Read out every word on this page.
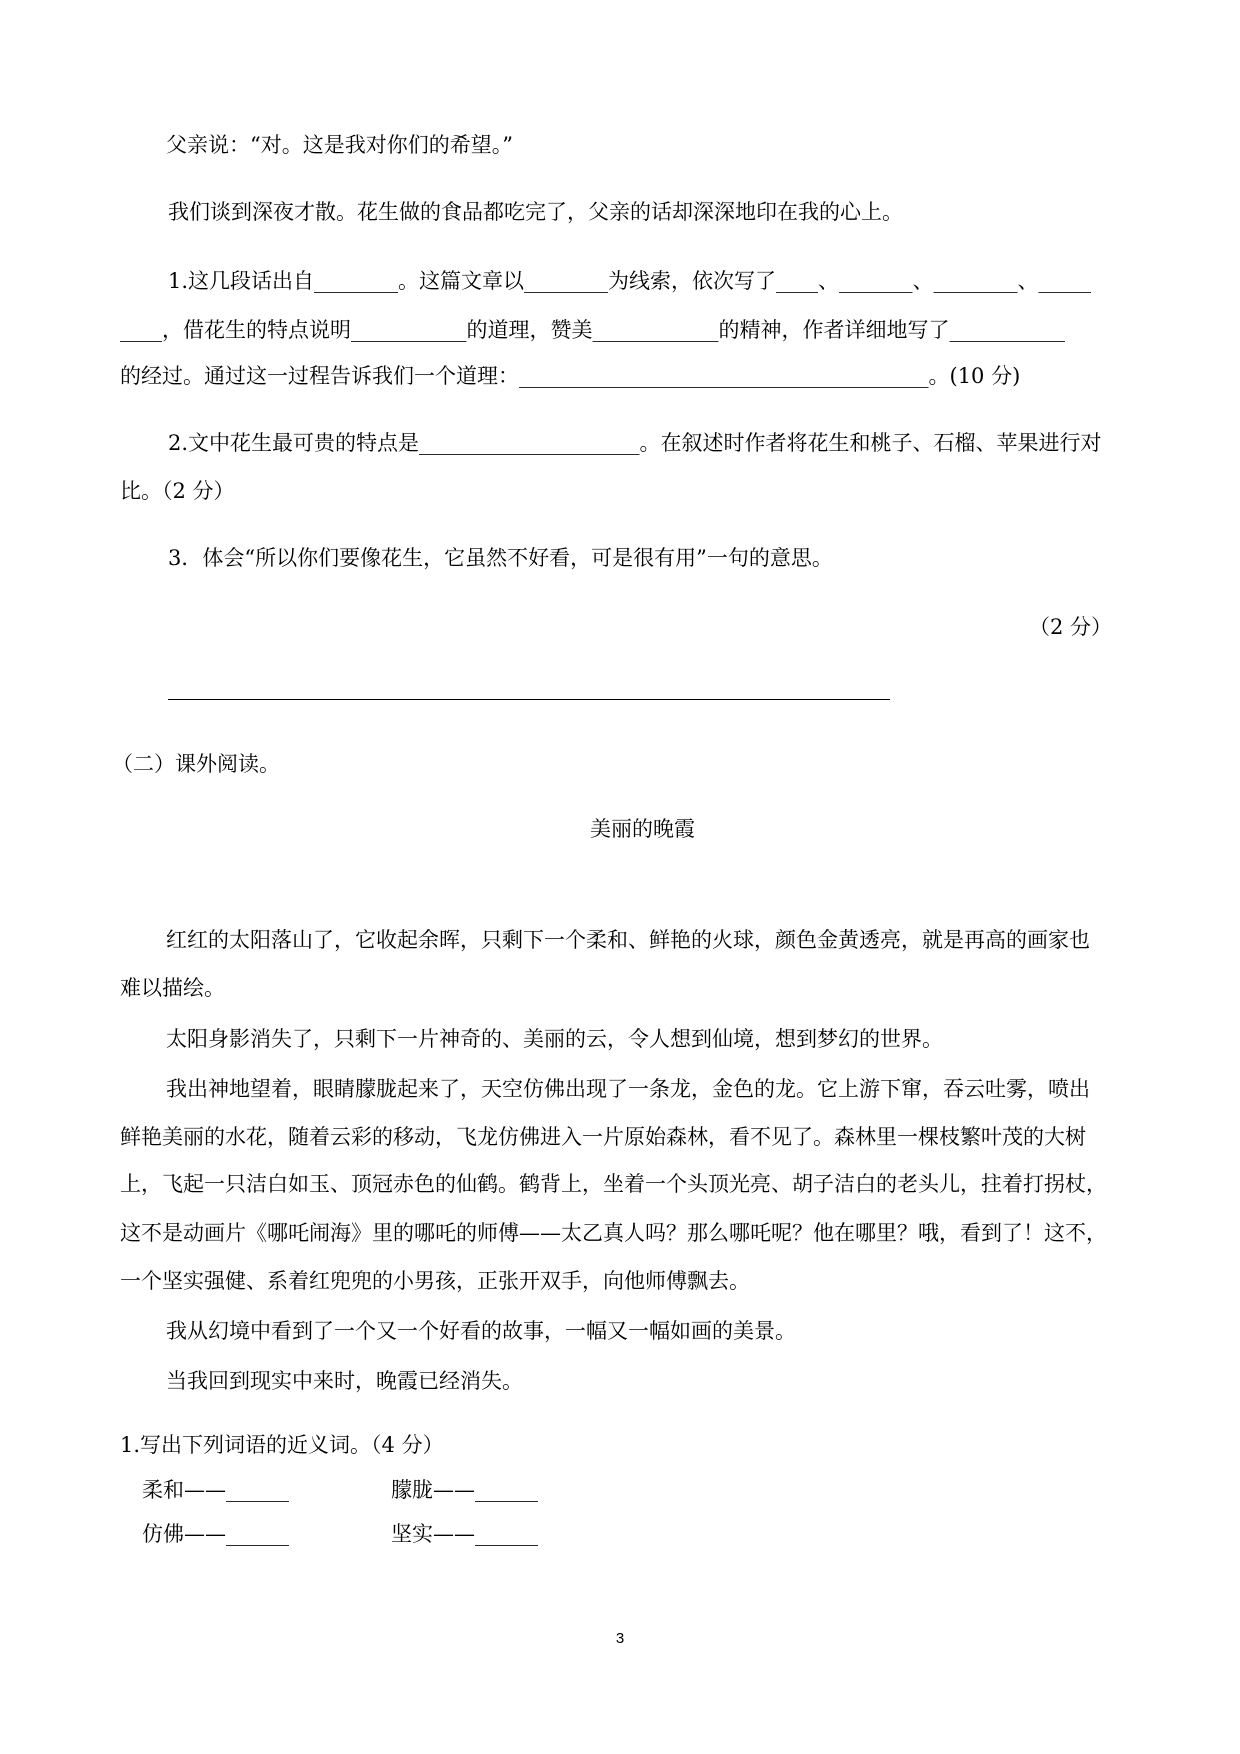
父亲说：“对。这是我对你们的希望。”
我们谈到深夜才散。花生做的食品都吃完了，父亲的话却深深地印在我的心上。
1.这几段话出自________。这篇文章以________为线索，依次写了____、_______、________、_____
____，借花生的特点说明___________的道理，赞美____________的精神，作者详细地写了___________
的经过。通过这一过程告诉我们一个道理：_______________________________________。(10 分)
2.文中花生最可贵的特点是_____________________。在叙述时作者将花生和桃子、石榴、苹果进行对
比。（2 分）
3．体会“所以你们要像花生，它虽然不好看，可是很有用”一句的意思。
（2 分）
（二）课外阅读。
美丽的晚霞
红红的太阳落山了，它收起余晖，只剩下一个柔和、鲜艳的火球，颜色金黄透亮，就是再高的画家也
难以描绘。
太阳身影消失了，只剩下一片神奇的、美丽的云，令人想到仙境，想到梦幻的世界。
我出神地望着，眼睛朦胧起来了，天空仿佛出现了一条龙，金色的龙。它上游下窜，吞云吐雾，喷出
鲜艳美丽的水花，随着云彩的移动，飞龙仿佛进入一片原始森林，看不见了。森林里一棵枝繁叶茂的大树
上，飞起一只洁白如玉、顶冠赤色的仙鹤。鹤背上，坐着一个头顶光亮、胡子洁白的老头儿，拄着打拐杖，
这不是动画片《哪吒闹海》里的哪吒的师傅——太乙真人吗？那么哪吒呢？他在哪里？哦，看到了！这不，
一个坚实强健、系着红兜兜的小男孩，正张开双手，向他师傅飘去。
我从幻境中看到了一个又一个好看的故事，一幅又一幅如画的美景。
当我回到现实中来时，晚霞已经消失。
1.写出下列词语的近义词。（4 分）
柔和——______	朦胧——______
仿佛——______	坚实——______
3
